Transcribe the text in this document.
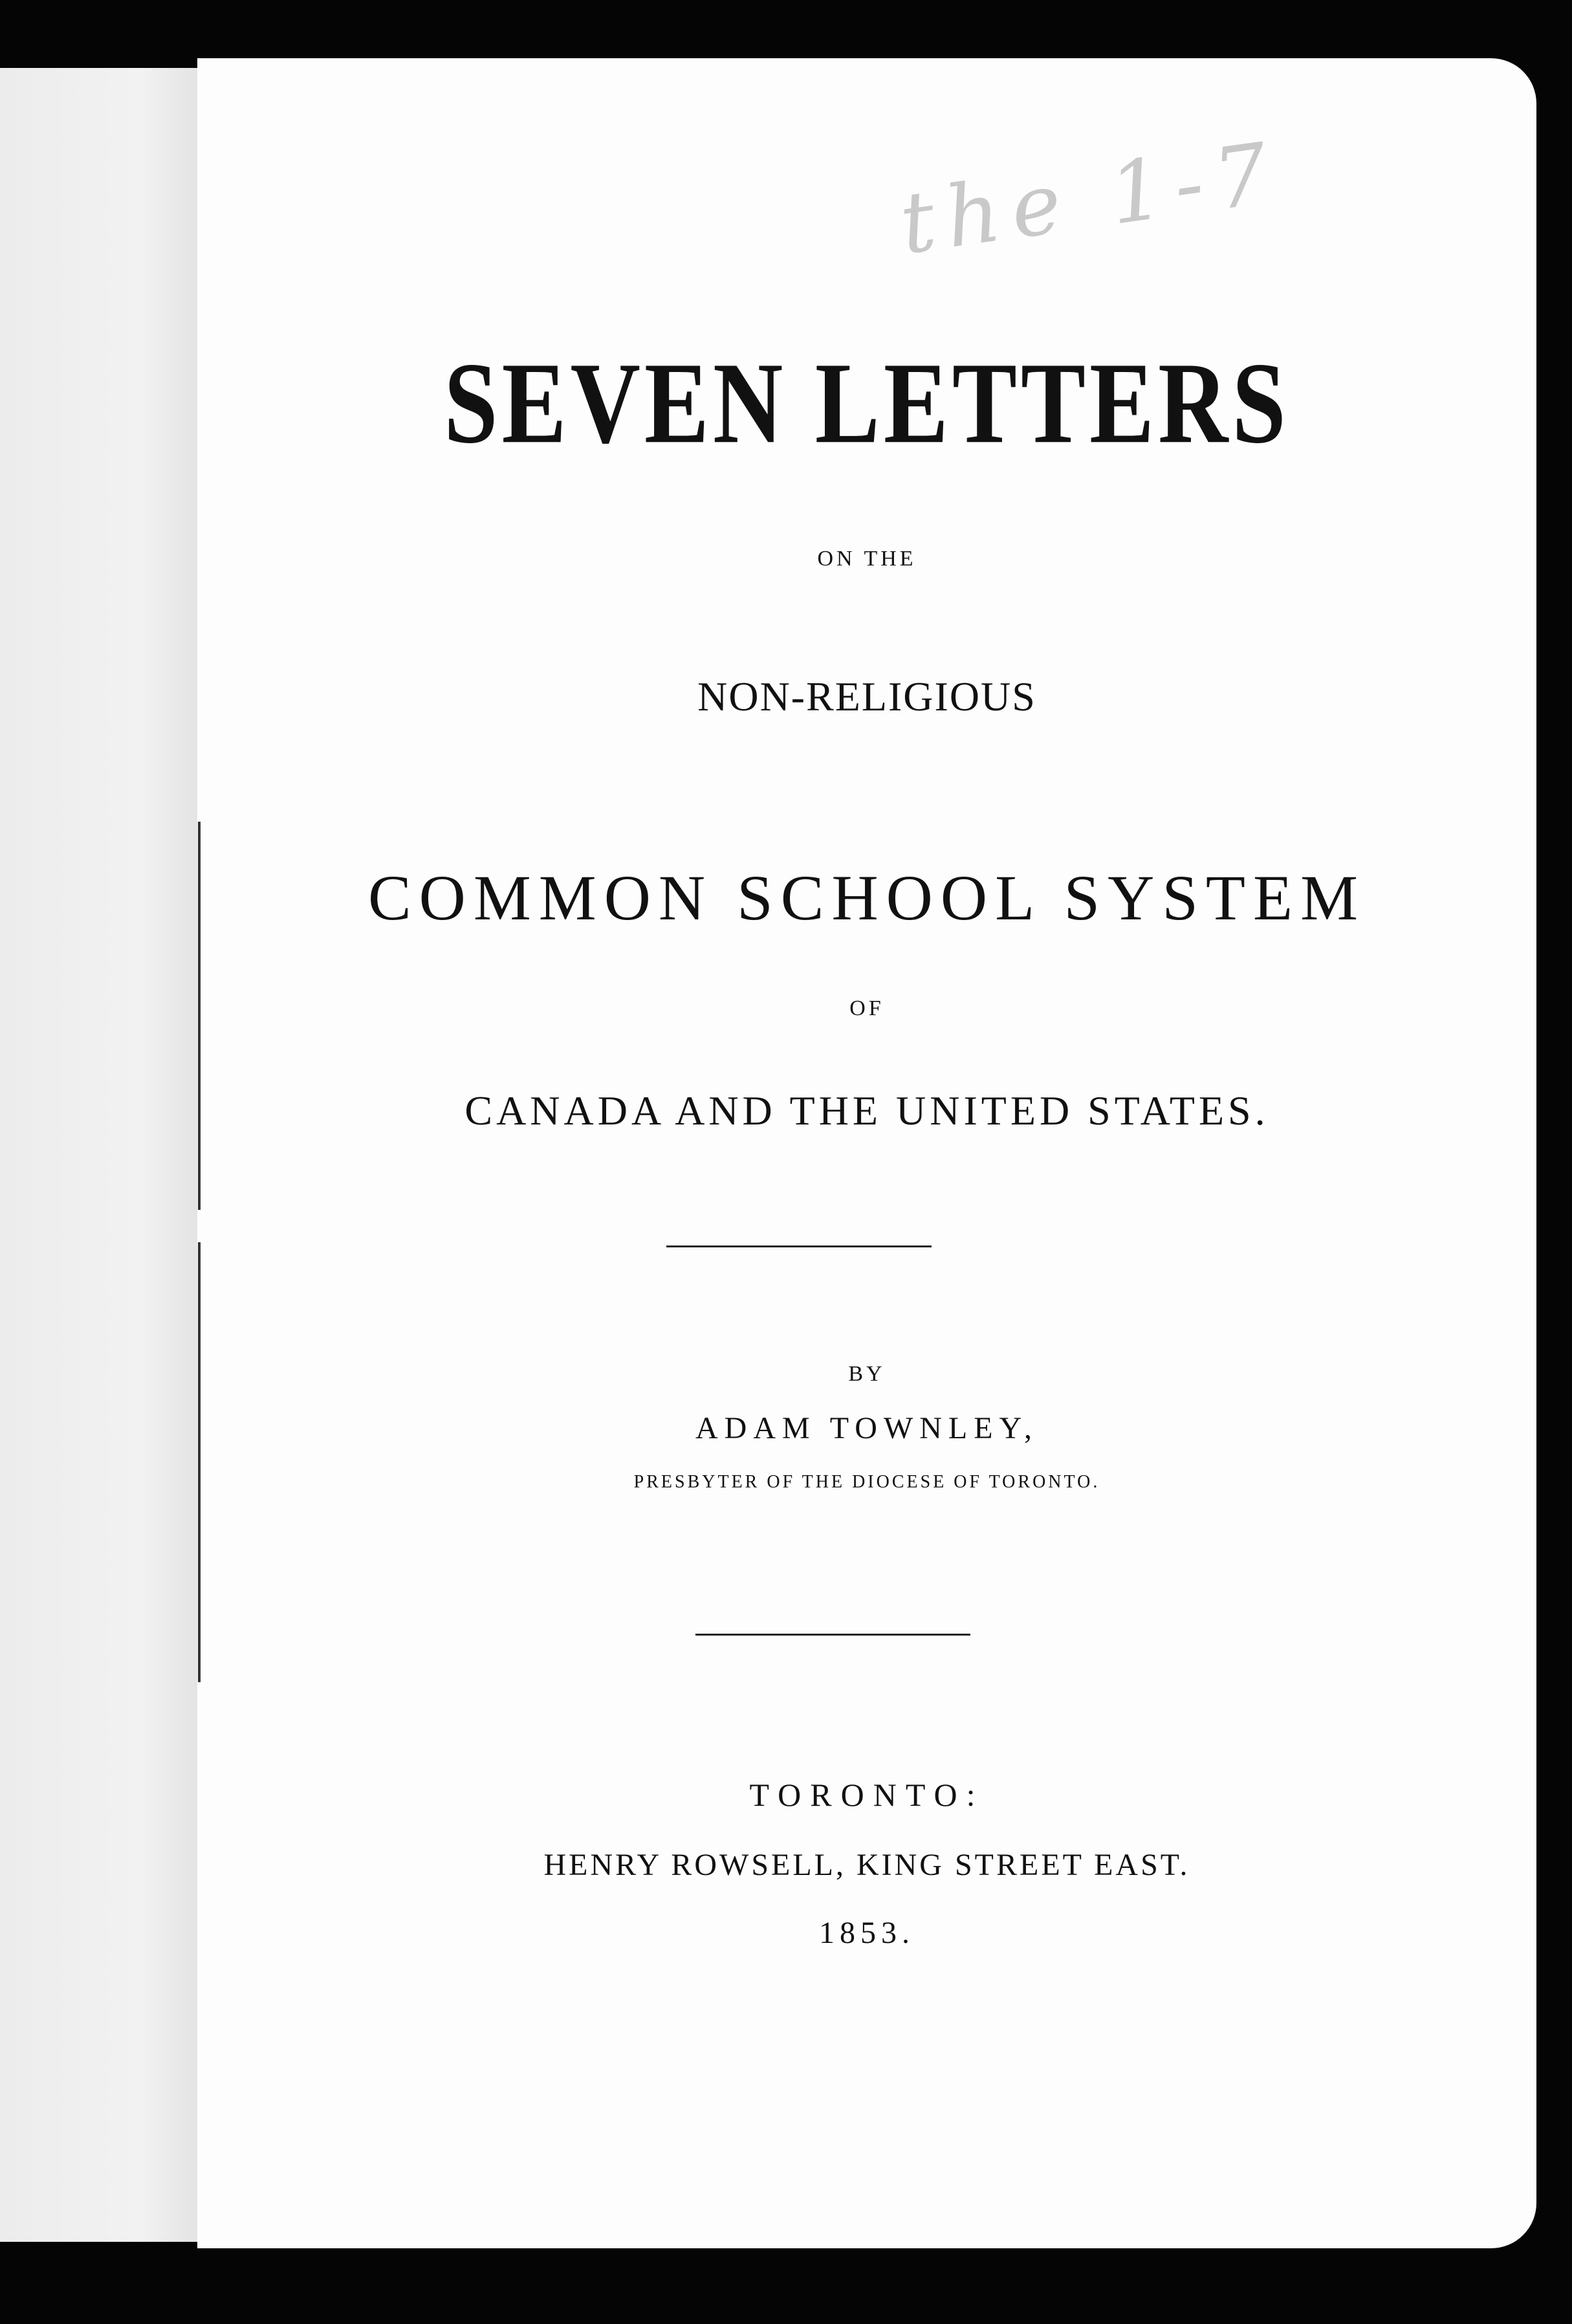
the 1-7
SEVEN LETTERS
ON THE
NON-RELIGIOUS
COMMON SCHOOL SYSTEM
OF
CANADA AND THE UNITED STATES.
BY
ADAM TOWNLEY,
PRESBYTER OF THE DIOCESE OF TORONTO.
TORONTO:
HENRY ROWSELL, KING STREET EAST.
1853.
